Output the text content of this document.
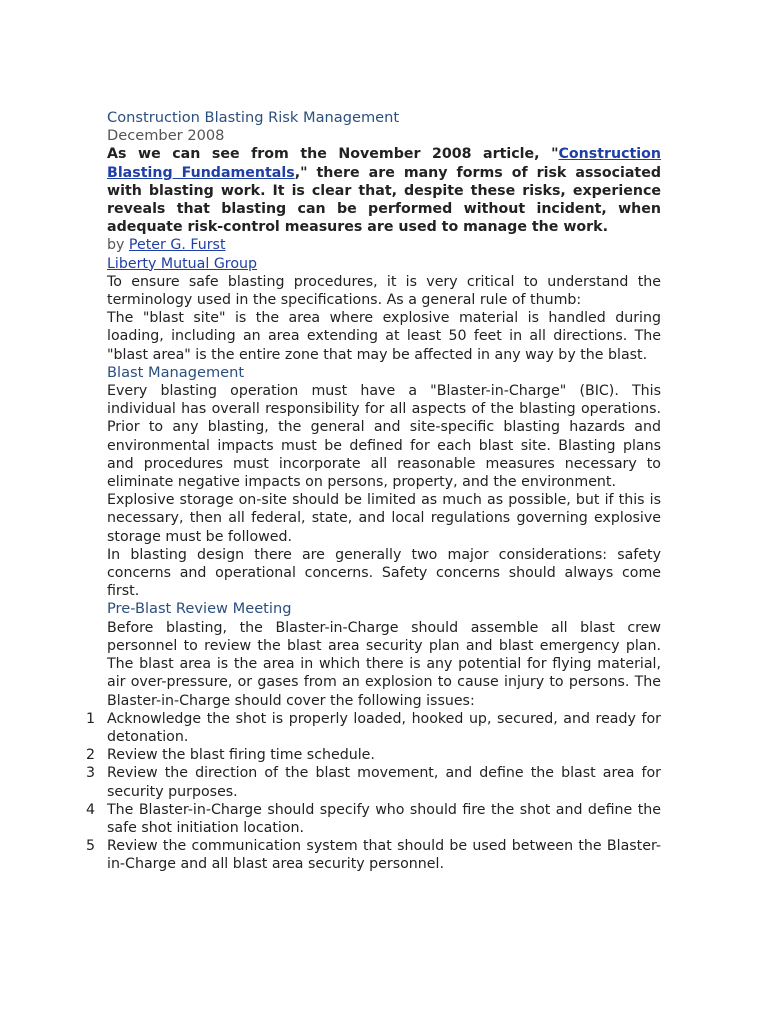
Construction Blasting Risk Management
December 2008

As we can see from the November 2008 article, "Construction Blasting Fundamentals," there are many forms of risk associated with blasting work. It is clear that, despite these risks, experience reveals that blasting can be performed without incident, when adequate risk-control measures are used to manage the work.

by Peter G. Furst
Liberty Mutual Group

To ensure safe blasting procedures, it is very critical to understand the terminology used in the specifications. As a general rule of thumb:

The "blast site" is the area where explosive material is handled during loading, including an area extending at least 50 feet in all directions. The "blast area" is the entire zone that may be affected in any way by the blast.

Blast Management

Every blasting operation must have a "Blaster-in-Charge" (BIC). This individual has overall responsibility for all aspects of the blasting operations. Prior to any blasting, the general and site-specific blasting hazards and environmental impacts must be defined for each blast site. Blasting plans and procedures must incorporate all reasonable measures necessary to eliminate negative impacts on persons, property, and the environment.

Explosive storage on-site should be limited as much as possible, but if this is necessary, then all federal, state, and local regulations governing explosive storage must be followed.

In blasting design there are generally two major considerations: safety concerns and operational concerns. Safety concerns should always come first.

Pre-Blast Review Meeting

Before blasting, the Blaster-in-Charge should assemble all blast crew personnel to review the blast area security plan and blast emergency plan. The blast area is the area in which there is any potential for flying material, air over-pressure, or gases from an explosion to cause injury to persons. The Blaster-in-Charge should cover the following issues:

1 Acknowledge the shot is properly loaded, hooked up, secured, and ready for detonation.
2 Review the blast firing time schedule.
3 Review the direction of the blast movement, and define the blast area for security purposes.
4 The Blaster-in-Charge should specify who should fire the shot and define the safe shot initiation location.
5 Review the communication system that should be used between the Blaster-in-Charge and all blast area security personnel.
